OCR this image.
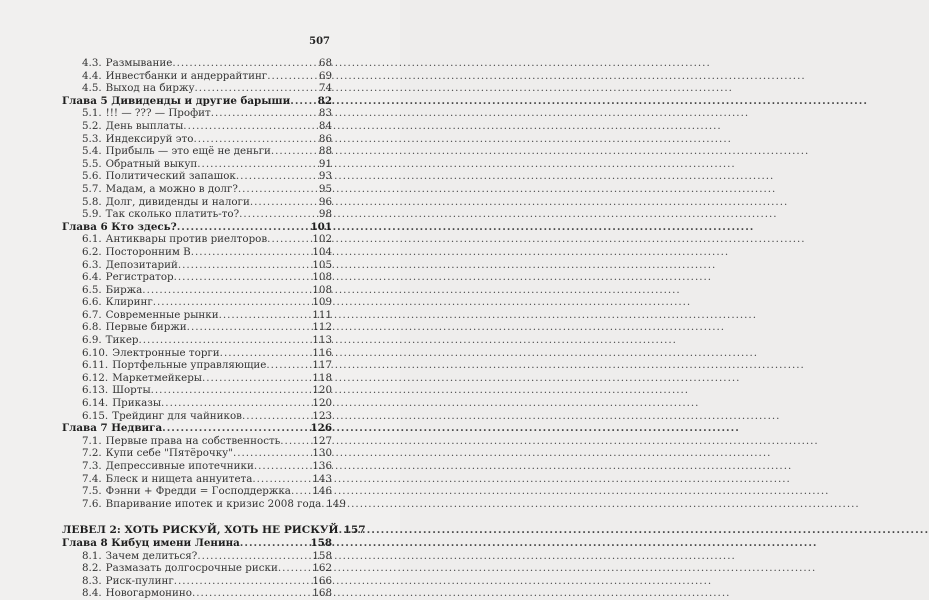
507
4.3. Размывание .....	68
4.4. Инвестбанки и андеррайтинг .....	69
4.5. Выход на биржу .....	74
Глава 5 Дивиденды и другие барыши .....	82
5.1. !!! — ??? — Профит .....	83
5.2. День выплаты .....	84
5.3. Индексируй это .....	86
5.4. Прибыль — это ещё не деньги .....	88
5.5. Обратный выкуп .....	91
5.6. Политический запашок .....	93
5.7. Мадам, а можно в долг? .....	95
5.8. Долг, дивиденды и налоги .....	96
5.9. Так сколько платить-то? .....	98
Глава 6 Кто здесь? .....	101
6.1. Антиквары против риелторов .....	102
6.2. Посторонним В .....	104
6.3. Депозитарий .....	105
6.4. Регистратор .....	108
6.5. Биржа .....	108
6.6. Клиринг .....	109
6.7. Современные рынки .....	111
6.8. Первые биржи .....	112
6.9. Тикер .....	113
6.10. Электронные торги .....	116
6.11. Портфельные управляющие .....	117
6.12. Маркетмейкеры .....	118
6.13. Шорты .....	120
6.14. Приказы .....	120
6.15. Трейдинг для чайников .....	123
Глава 7 Недвига .....	126
7.1. Первые права на собственность .....	127
7.2. Купи себе "Пятёрочку" .....	130
7.3. Депрессивные ипотечники .....	136
7.4. Блеск и нищета аннуитета .....	143
7.5. Фэнни + Фредди = Господдержка ..... 146
7.6. Впаривание ипотек и кризис 2008 года ..... 149
ЛЕВЕЛ 2: ХОТЬ РИСКУЙ, ХОТЬ НЕ РИСКУЙ ..... 157
Глава 8 Кибуц имени Ленина .....	158
8.1. Зачем делиться? .....	158
8.2. Размазать долгосрочные риски .....	162
8.3. Риск-пулинг .....	166
8.4. Новогармонино .....	168
